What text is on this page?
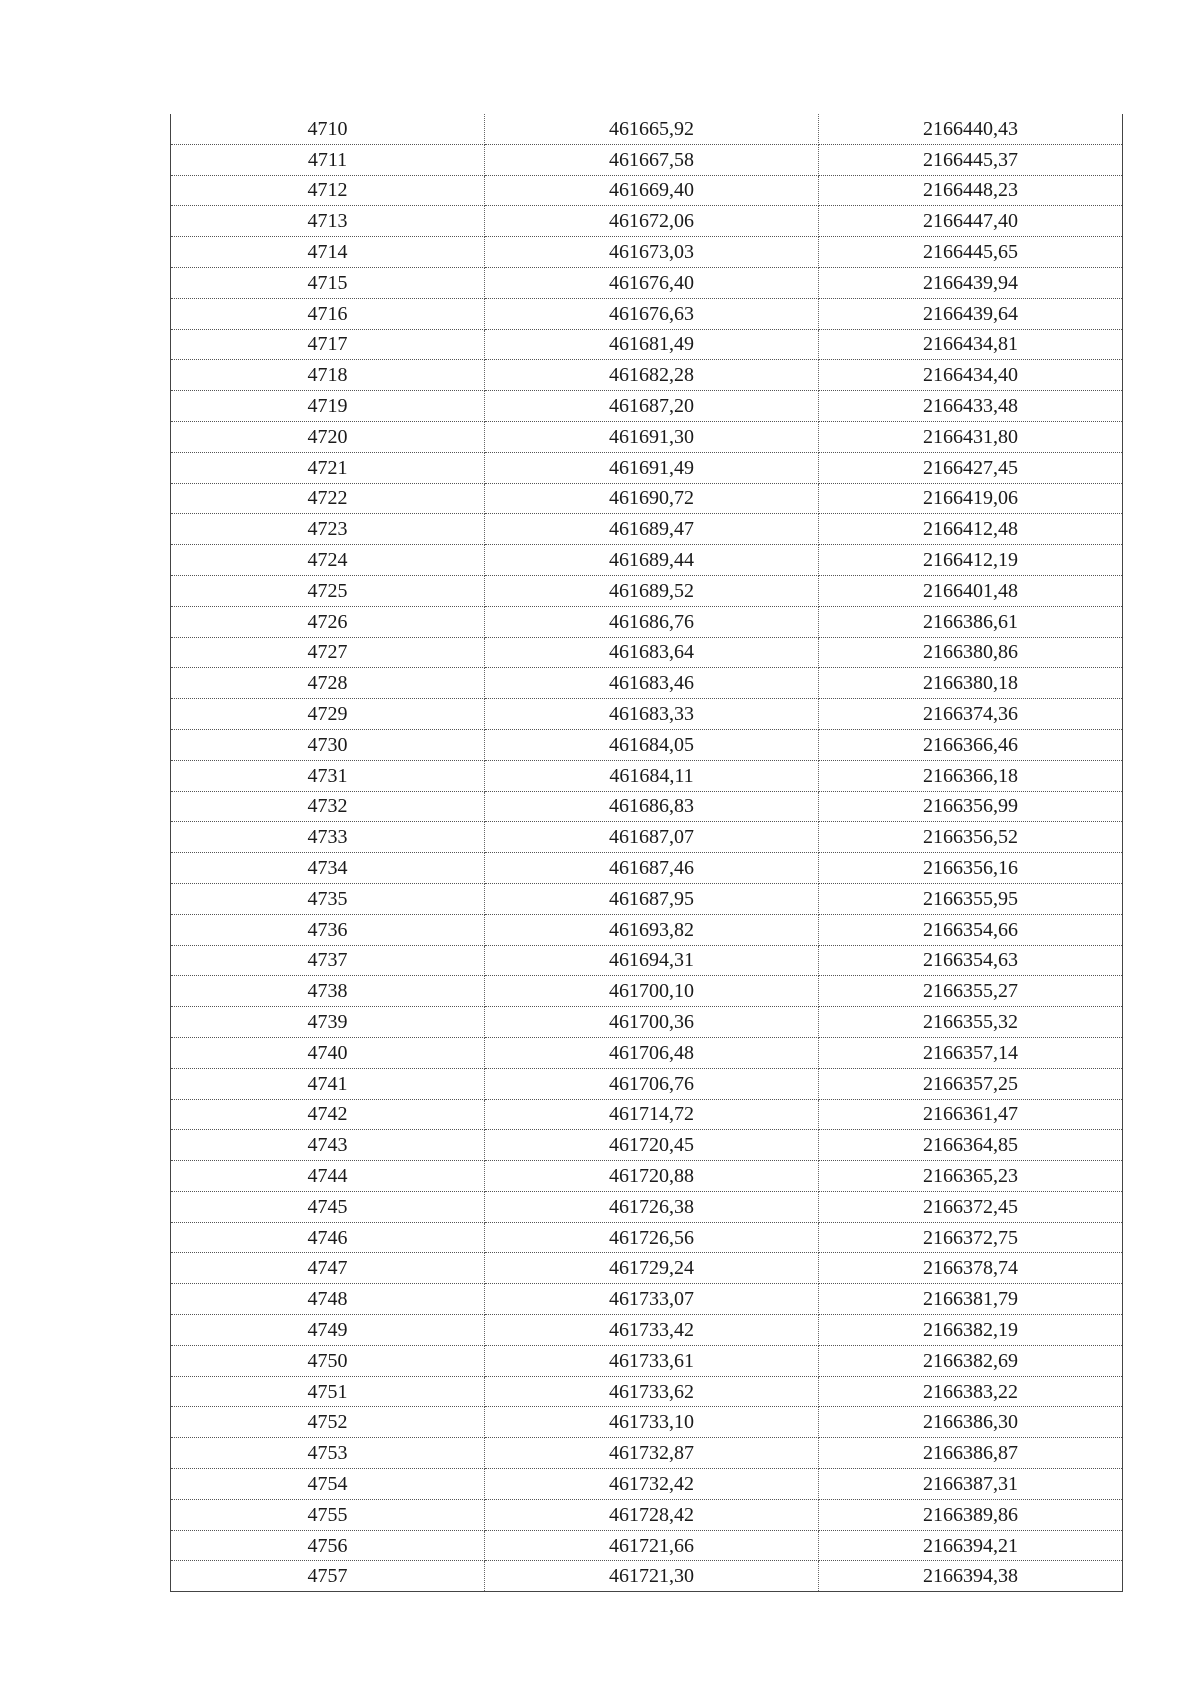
4710	461665,92	2166440,43
4711	461667,58	2166445,37
4712	461669,40	2166448,23
4713	461672,06	2166447,40
4714	461673,03	2166445,65
4715	461676,40	2166439,94
4716	461676,63	2166439,64
4717	461681,49	2166434,81
4718	461682,28	2166434,40
4719	461687,20	2166433,48
4720	461691,30	2166431,80
4721	461691,49	2166427,45
4722	461690,72	2166419,06
4723	461689,47	2166412,48
4724	461689,44	2166412,19
4725	461689,52	2166401,48
4726	461686,76	2166386,61
4727	461683,64	2166380,86
4728	461683,46	2166380,18
4729	461683,33	2166374,36
4730	461684,05	2166366,46
4731	461684,11	2166366,18
4732	461686,83	2166356,99
4733	461687,07	2166356,52
4734	461687,46	2166356,16
4735	461687,95	2166355,95
4736	461693,82	2166354,66
4737	461694,31	2166354,63
4738	461700,10	2166355,27
4739	461700,36	2166355,32
4740	461706,48	2166357,14
4741	461706,76	2166357,25
4742	461714,72	2166361,47
4743	461720,45	2166364,85
4744	461720,88	2166365,23
4745	461726,38	2166372,45
4746	461726,56	2166372,75
4747	461729,24	2166378,74
4748	461733,07	2166381,79
4749	461733,42	2166382,19
4750	461733,61	2166382,69
4751	461733,62	2166383,22
4752	461733,10	2166386,30
4753	461732,87	2166386,87
4754	461732,42	2166387,31
4755	461728,42	2166389,86
4756	461721,66	2166394,21
4757	461721,30	2166394,38
